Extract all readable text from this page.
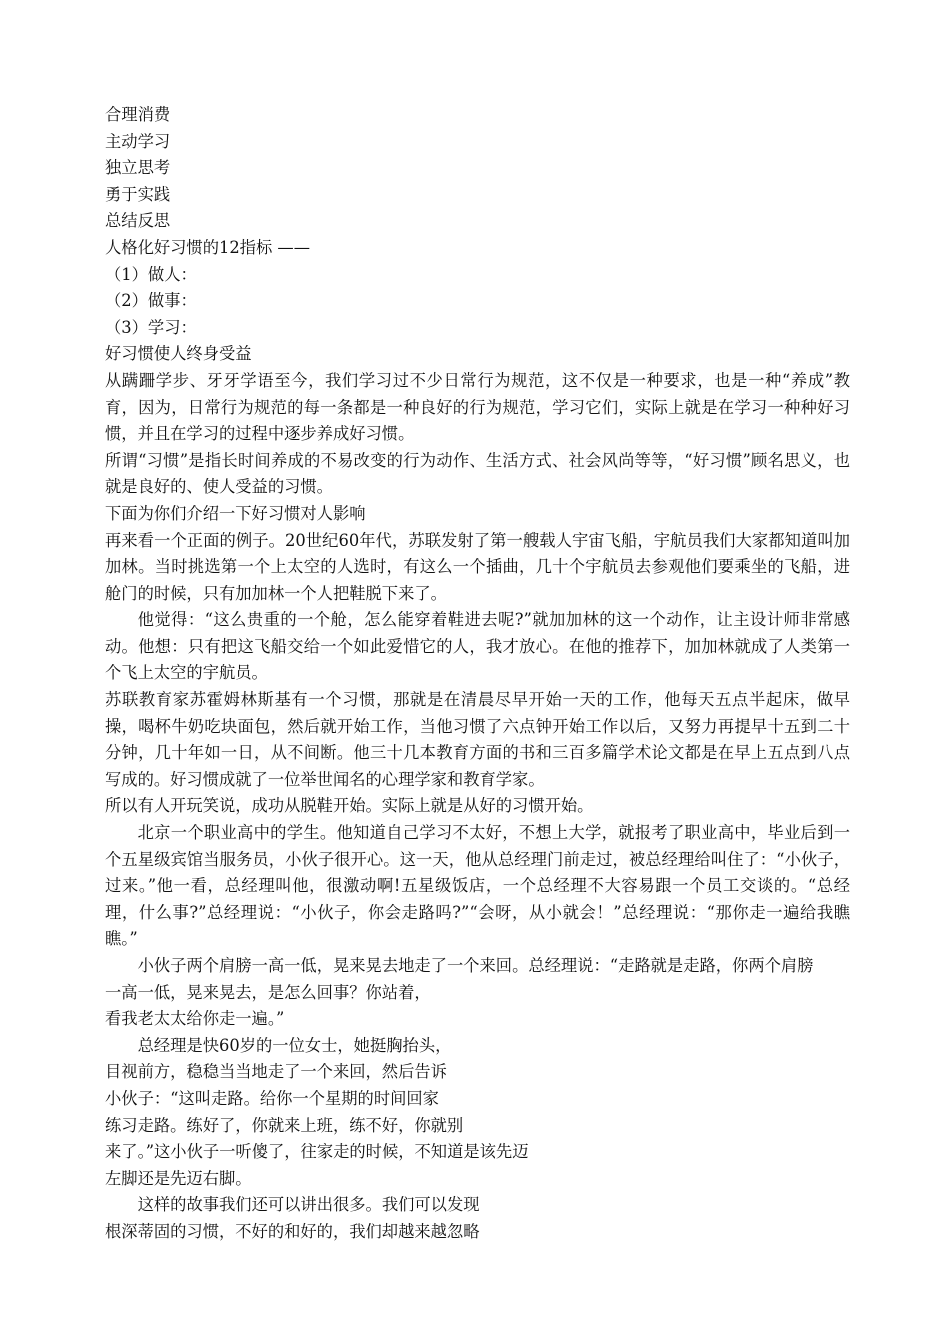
合理消费
主动学习
独立思考
勇于实践
总结反思
人格化好习惯的12指标 ——
（1）做人：
（2）做事：
（3）学习：
好习惯使人终身受益
从蹒跚学步、牙牙学语至今，我们学习过不少日常行为规范，这不仅是一种要求，也是一种“养成”教育，因为，日常行为规范的每一条都是一种良好的行为规范，学习它们，实际上就是在学习一种种好习惯，并且在学习的过程中逐步养成好习惯。
所谓“习惯”是指长时间养成的不易改变的行为动作、生活方式、社会风尚等等，“好习惯”顾名思义，也就是良好的、使人受益的习惯。
下面为你们介绍一下好习惯对人影响
再来看一个正面的例子。20世纪60年代，苏联发射了第一艘载人宇宙飞船，宇航员我们大家都知道叫加加林。当时挑选第一个上太空的人选时，有这么一个插曲，几十个宇航员去参观他们要乘坐的飞船，进舱门的时候，只有加加林一个人把鞋脱下来了。
他觉得：“这么贵重的一个舱，怎么能穿着鞋进去呢?”就加加林的这一个动作，让主设计师非常感动。他想：只有把这飞船交给一个如此爱惜它的人，我才放心。在他的推荐下，加加林就成了人类第一个飞上太空的宇航员。
苏联教育家苏霍姆林斯基有一个习惯，那就是在清晨尽早开始一天的工作，他每天五点半起床，做早操，喝杯牛奶吃块面包，然后就开始工作，当他习惯了六点钟开始工作以后，又努力再提早十五到二十分钟，几十年如一日，从不间断。他三十几本教育方面的书和三百多篇学术论文都是在早上五点到八点写成的。好习惯成就了一位举世闻名的心理学家和教育学家。
所以有人开玩笑说，成功从脱鞋开始。实际上就是从好的习惯开始。
北京一个职业高中的学生。他知道自己学习不太好，不想上大学，就报考了职业高中，毕业后到一个五星级宾馆当服务员，小伙子很开心。这一天，他从总经理门前走过，被总经理给叫住了：“小伙子，过来。”他一看，总经理叫他，很激动啊!五星级饭店，一个总经理不大容易跟一个员工交谈的。“总经理，什么事?”总经理说：“小伙子，你会走路吗?”“会呀，从小就会！”总经理说：“那你走一遍给我瞧瞧。”
小伙子两个肩膀一高一低，晃来晃去地走了一个来回。总经理说：“走路就是走路，你两个肩膀
一高一低，晃来晃去，是怎么回事？你站着，
看我老太太给你走一遍。”
总经理是快60岁的一位女士，她挺胸抬头，
目视前方，稳稳当当地走了一个来回，然后告诉
小伙子：“这叫走路。给你一个星期的时间回家
练习走路。练好了，你就来上班，练不好，你就别
来了。”这小伙子一听傻了，往家走的时候，不知道是该先迈
左脚还是先迈右脚。
这样的故事我们还可以讲出很多。我们可以发现
根深蒂固的习惯，不好的和好的，我们却越来越忽略
